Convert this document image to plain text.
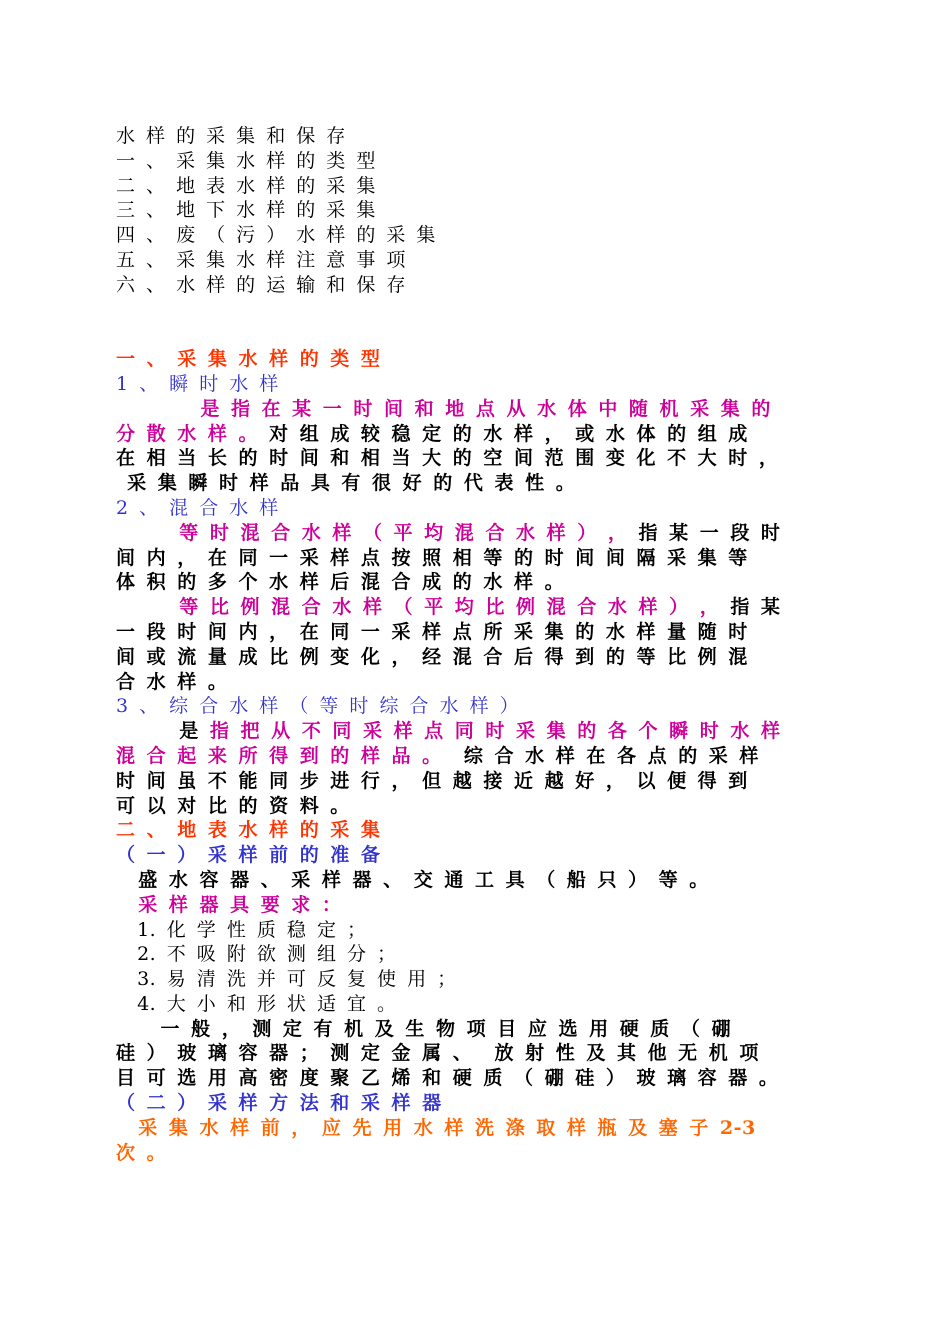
水 样 的 采 集 和 保 存
一 、 采 集 水 样 的 类 型
二 、 地 表 水 样 的 采 集
三 、 地 下 水 样 的 采 集
四 、 废 （ 污 ） 水 样 的 采 集
五 、 采 集 水 样 注 意 事 项
六 、 水 样 的 运 输 和 保 存
一 、 采 集 水 样 的 类 型
1 、 瞬 时 水 样
是 指 在 某 一 时 间 和 地 点 从 水 体 中 随 机 采 集 的
分 散 水 样 。 对 组 成 较 稳 定 的 水 样 ， 或 水 体 的 组 成
在 相 当 长 的 时 间 和 相 当 大 的 空 间 范 围 变 化 不 大 时 ，
采 集 瞬 时 样 品 具 有 很 好 的 代 表 性 。
2 、 混 合 水 样
等 时 混 合 水 样 （ 平 均 混 合 水 样 ） ， 指 某 一 段 时
间 内 ， 在 同 一 采 样 点 按 照 相 等 的 时 间 间 隔 采 集 等
体 积 的 多 个 水 样 后 混 合 成 的 水 样 。
等 比 例 混 合 水 样 （ 平 均 比 例 混 合 水 样 ） ， 指 某
一 段 时 间 内 ， 在 同 一 采 样 点 所 采 集 的 水 样 量 随 时
间 或 流 量 成 比 例 变 化 ， 经 混 合 后 得 到 的 等 比 例 混
合 水 样 。
3 、 综 合 水 样 （ 等 时 综 合 水 样 ）
是 指 把 从 不 同 采 样 点 同 时 采 集 的 各 个 瞬 时 水 样
混 合 起 来 所 得 到 的 样 品 。  综 合 水 样 在 各 点 的 采 样
时 间 虽 不 能 同 步 进 行 ， 但 越 接 近 越 好 ， 以 便 得 到
可 以 对 比 的 资 料 。
二 、 地 表 水 样 的 采 集
（ 一 ） 采 样 前 的 准 备
盛 水 容 器 、 采 样 器 、 交 通 工 具 （ 船 只 ） 等 。
采 样 器 具 要 求 ：
1. 化 学 性 质 稳 定 ；
2. 不 吸 附 欲 测 组 分 ；
3. 易 清 洗 并 可 反 复 使 用 ；
4. 大 小 和 形 状 适 宜 。
一 般 ， 测 定 有 机 及 生 物 项 目 应 选 用 硬 质 （ 硼
硅 ） 玻 璃 容 器 ； 测 定 金 属 、  放 射 性 及 其 他 无 机 项
目 可 选 用 高 密 度 聚 乙 烯 和 硬 质 （ 硼 硅 ） 玻 璃 容 器 。
（ 二 ） 采 样 方 法 和 采 样 器
采 集 水 样 前 ， 应 先 用 水 样 洗 涤 取 样 瓶 及 塞 子 2-3
次 。
